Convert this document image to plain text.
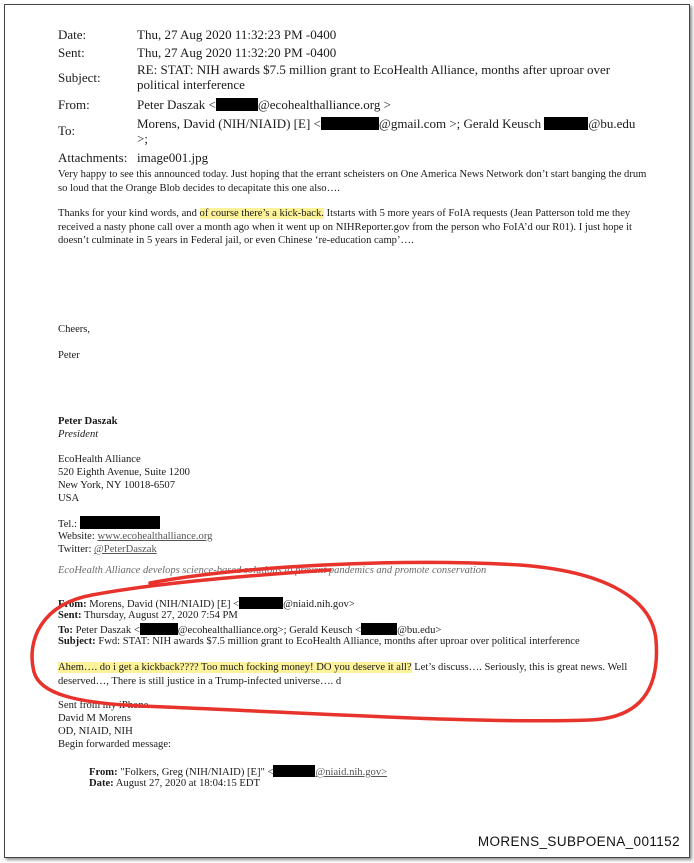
Date:	Thu, 27 Aug 2020 11:32:23 PM -0400
Sent:	Thu, 27 Aug 2020 11:32:20 PM -0400
Subject:
RE: STAT: NIH awards $7.5 million grant to EcoHealth Alliance, months after uproar over political interference
From:	Peter Daszak <	@ecohealthalliance.org >
To:	Morens, David (NIH/NIAID) [E] <	@gmail.com >; Gerald Keusch	@bu.edu
>;
Attachments: image001.jpg
Very happy to see this announced today. Just hoping that the errant scheisters on One America News Network don’t start banging the drum so loud that the Orange Blob decides to decapitate this one also….
Thanks for your kind words, and of course there’s a kick-back. Itstarts with 5 more years of FoIA requests (Jean Patterson told me they received a nasty phone call over a month ago when it went up on NIHReporter.gov from the person who FoIA’d our R01). I just hope it doesn’t culminate in 5 years in Federal jail, or even Chinese ‘re-education camp’….
Cheers,
Peter
Peter Daszak
President
EcoHealth Alliance
520 Eighth Avenue, Suite 1200
New York, NY 10018-6507
USA
Tel.:
Website: www.ecohealthalliance.org
Twitter: @PeterDaszak
EcoHealth Alliance develops science-based solutions to prevent pandemics and promote conservation
From: Morens, David (NIH/NIAID) [E] <	@niaid.nih.gov>
Sent: Thursday, August 27, 2020 7:54 PM
To: Peter Daszak <	@ecohealthalliance.org>; Gerald Keusch <	@bu.edu>
Subject: Fwd: STAT: NIH awards $7.5 million grant to EcoHealth Alliance, months after uproar over political interference
Ahem…. do i get a kickback???? Too much focking money! DO you deserve it all? Let’s discuss…. Seriously, this is great news. Well deserved…, There is still justice in a Trump-infected universe…. d
Sent from my iPhone
David M Morens
OD, NIAID, NIH
Begin forwarded message:
From: "Folkers, Greg (NIH/NIAID) [E]" <	@niaid.nih.gov>
Date: August 27, 2020 at 18:04:15 EDT
MORENS_SUBPOENA_001152
